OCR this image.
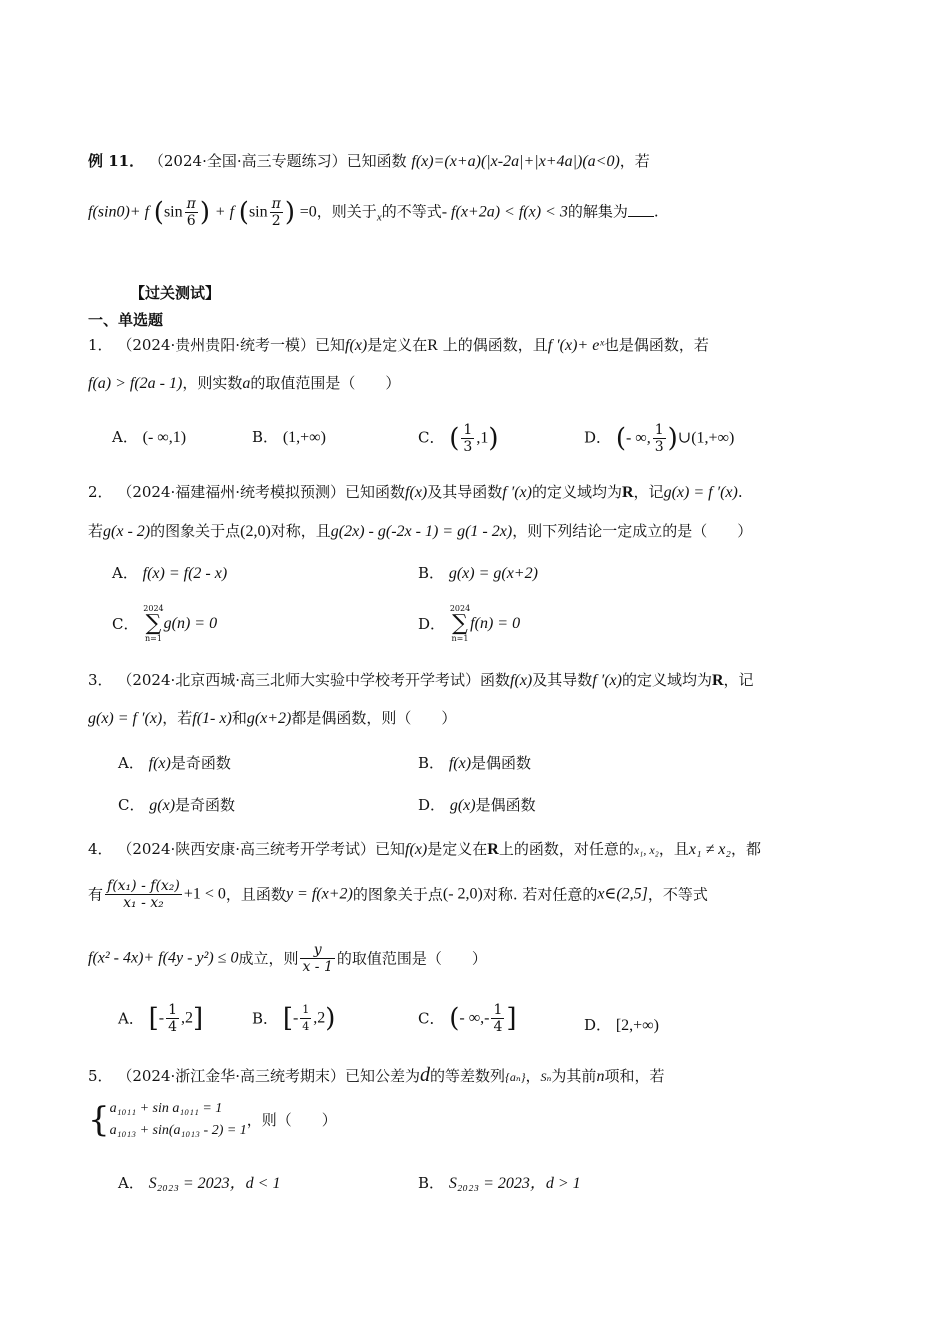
例 11． （2024·全国·高三专题练习）已知函数 f(x)=(x+a)(|x-2a|+|x+4a|)(a<0)，若
f(sin0)+ f ($\sin \frac{\pi}{6}$ ) + f ($\sin \frac{\pi}{2}$ ) =0，则关于$_x$的不等式- f(x+2a) < f(x) < 3的解集为 .
【过关测试】
一、单选题
1． （2024·贵州贵阳·统考一模）已知f(x)是定义在R 上的偶函数，且f ′(x)+ eˣ也是偶函数，若
f(a) > f(2a - 1)，则实数a的取值范围是（　　）
A． (- ∞,1)	B． (1,+∞)	C． ( $\frac{1}{3} ,1$)	D． (- ∞, $\frac{1}{3}$ )∪(1,+∞)
2． （2024·福建福州·统考模拟预测）已知函数f(x)及其导函数f ′(x)的定义域均为R，记g(x) = f ′(x).
若g(x - 2)的图象关于点(2,0)对称，且g(2x) - g(-2x - 1) = g(1 - 2x)，则下列结论一定成立的是（　　）
A． f(x) = f(2 - x)	B． g(x) = g(x+2)
C．
2024
∑
n=1
g(n) = 0	D．
2024
∑
n=1
f(n) = 0
3． （2024·北京西城·高三北师大实验中学校考开学考试）函数f(x)及其导数f ′(x)的定义域均为R，记
g(x) = f ′(x)，若f(1- x)和g(x+2)都是偶函数，则（　　）
A． f(x)是奇函数	B． f(x)是偶函数
C． g(x)是奇函数	D． g(x)是偶函数
4． （2024·陕西安康·高三统考开学考试）已知f(x)是定义在R上的函数，对任意的x₁, x₂，且x₁ ≠ x₂，都
有 $\frac{\text{f(x₁) - f(x₂)}}{\text{x₁ - x₂}} +1 < 0$，且函数y = f(x+2)的图象关于点(- 2,0)对称. 若对任意的x∈(2,5]，不等式
f(x² - 4x)+ f(4y - y²) ≤ 0成立，则 $\frac{y}{x - 1}$ 的取值范围是（　　）
A． [- $\frac{1}{4} ,2$]	B． [- $\frac{1}{4} ,2$)	C． (- ∞,- $\frac{1}{4}$ ]	D． [2,+∞)
5． （2024·浙江金华·高三统考期末）已知公差为d的等差数列{aₙ}，Sₙ为其前n项和，若
{ a₁₀₁₁ + sin a₁₀₁₁ = 1
a₁₀₁₃ + sin(a₁₀₁₃ - 2) = 1
，则（　　）
A． S₂₀₂₃ = 2023，d < 1	B． S₂₀₂₃ = 2023，d > 1
